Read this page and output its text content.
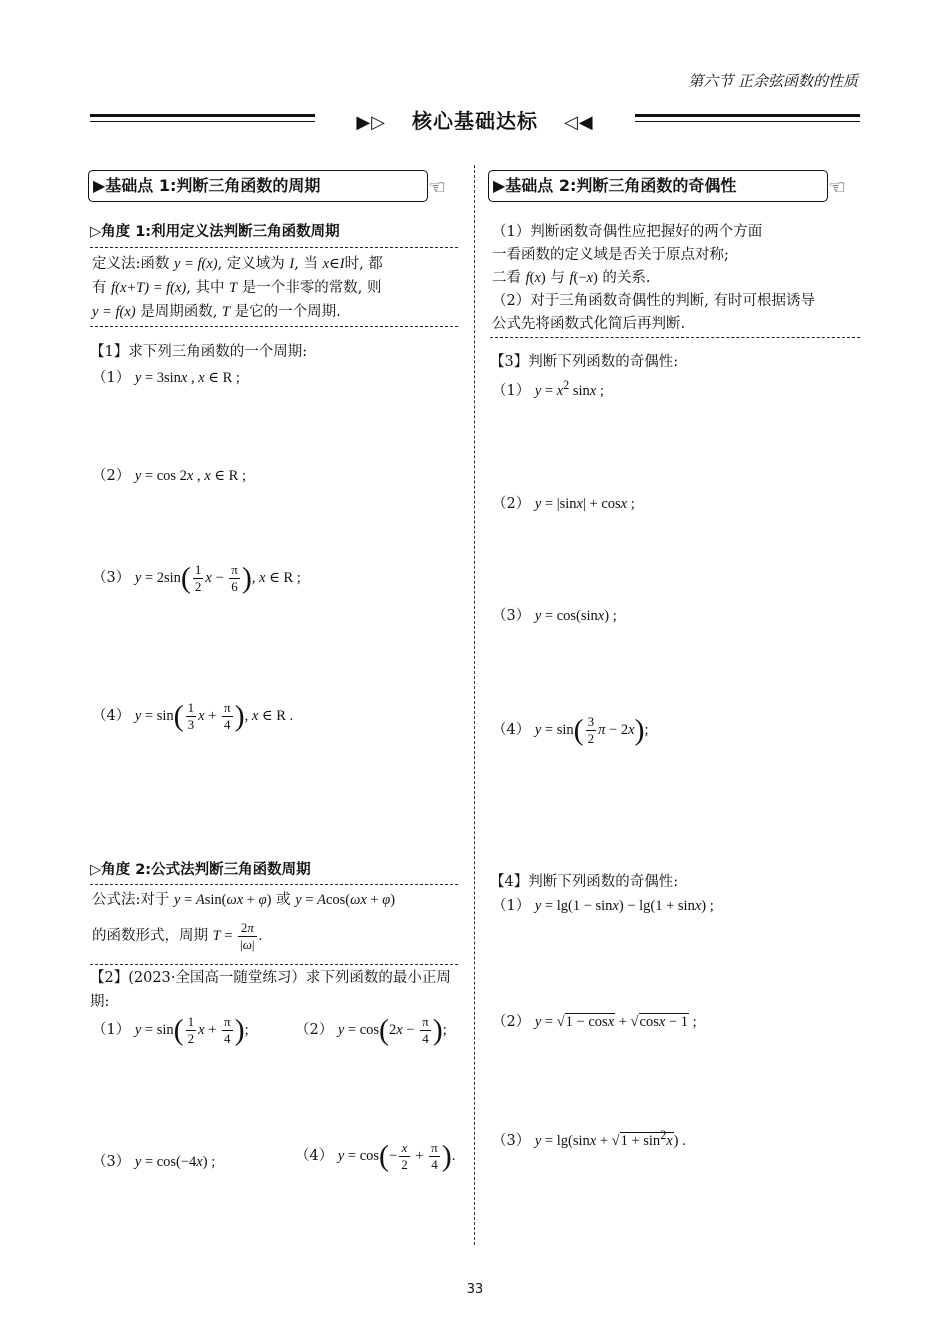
第六节 正余弦函数的性质
▶▷ 核心基础达标 ◁◀
▶基础点 1:判断三角函数的周期	☜
▷角度 1:利用定义法判断三角函数周期
定义法:函数 y = f(x), 定义域为 I, 当 x∈I时, 都
有 f(x+T) = f(x), 其中 T 是一个非零的常数, 则
y = f(x) 是周期函数, T 是它的一个周期.
【1】求下列三角函数的一个周期:
（1） y = 3sinx , x ∈ R ;
（2） y = cos 2x , x ∈ R ;
（3） $y = 2\sin( \frac{1}{2}$ $x - \frac{\pi}{6}$ ), x ∈ R ;
（4） $y = \sin( \frac{1}{3}$ $x + \frac{\pi}{4}$ ), x ∈ R .
▷角度 2:公式法判断三角函数周期
公式法:对于 y = Asin(ωx + φ) 或 y = Acos(ωx + φ)
的函数形式，周期 $T = \frac{2\pi}{|\omega|}$ .
【2】(2023·全国高一随堂练习）求下列函数的最小正周期:
（1） $y = \sin( \frac{1}{2}$ $x + \frac{\pi}{4}$ );	（2） $y = \cos(2x - \frac{\pi}{4}$ );
（3） y = cos(−4x) ;	（4） $y = \cos(- \frac{x}{2} + \frac{\pi}{4}$ ).
▶基础点 2:判断三角函数的奇偶性	☜
（1）判断函数奇偶性应把握好的两个方面
一看函数的定义域是否关于原点对称;
二看 f(x) 与 f(−x) 的关系.
（2）对于三角函数奇偶性的判断, 有时可根据诱导
公式先将函数式化简后再判断.
【3】判断下列函数的奇偶性:
（1） $y = x^2$ sinx ;
（2） y = |sinx| + cosx ;
（3） y = cos(sinx) ;
（4） $y = \sin( \frac{3}{2}$ π − 2x);
【4】判断下列函数的奇偶性:
（1） y = lg(1 − sinx) − lg(1 + sinx) ;
（2） y = √1 − cosx + √cosx − 1 ;
（3） $y = \lg(\sin x + √1 + \sin^2x)$ .
33
